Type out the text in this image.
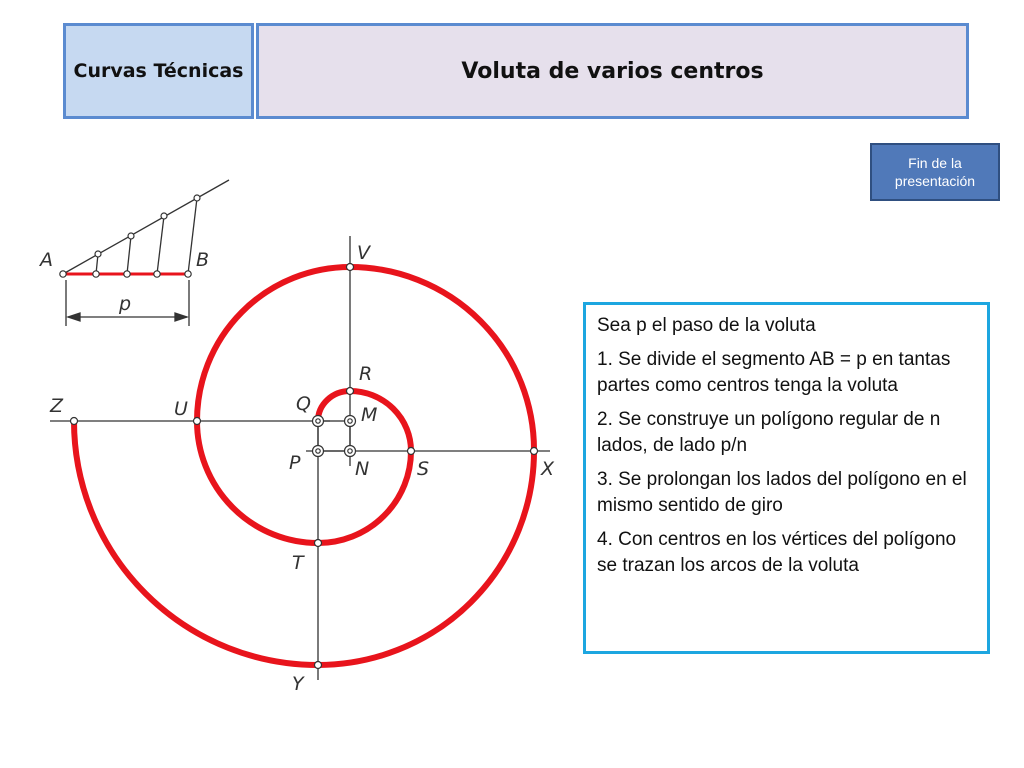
Curvas Técnicas	Voluta de varios centros
Fin de la presentación

Sea p el paso de la voluta

1. Se divide el segmento AB = p en tantas partes como centros tenga la voluta

2. Se construye un polígono regular de n lados, de lado p/n

3. Se prolongan los lados del polígono en el mismo sentido de giro

4. Con centros en los vértices del polígono se trazan los arcos de la voluta

A	B
p
V
R
Q	M
Z	U
P	N	S	X
T
Y
